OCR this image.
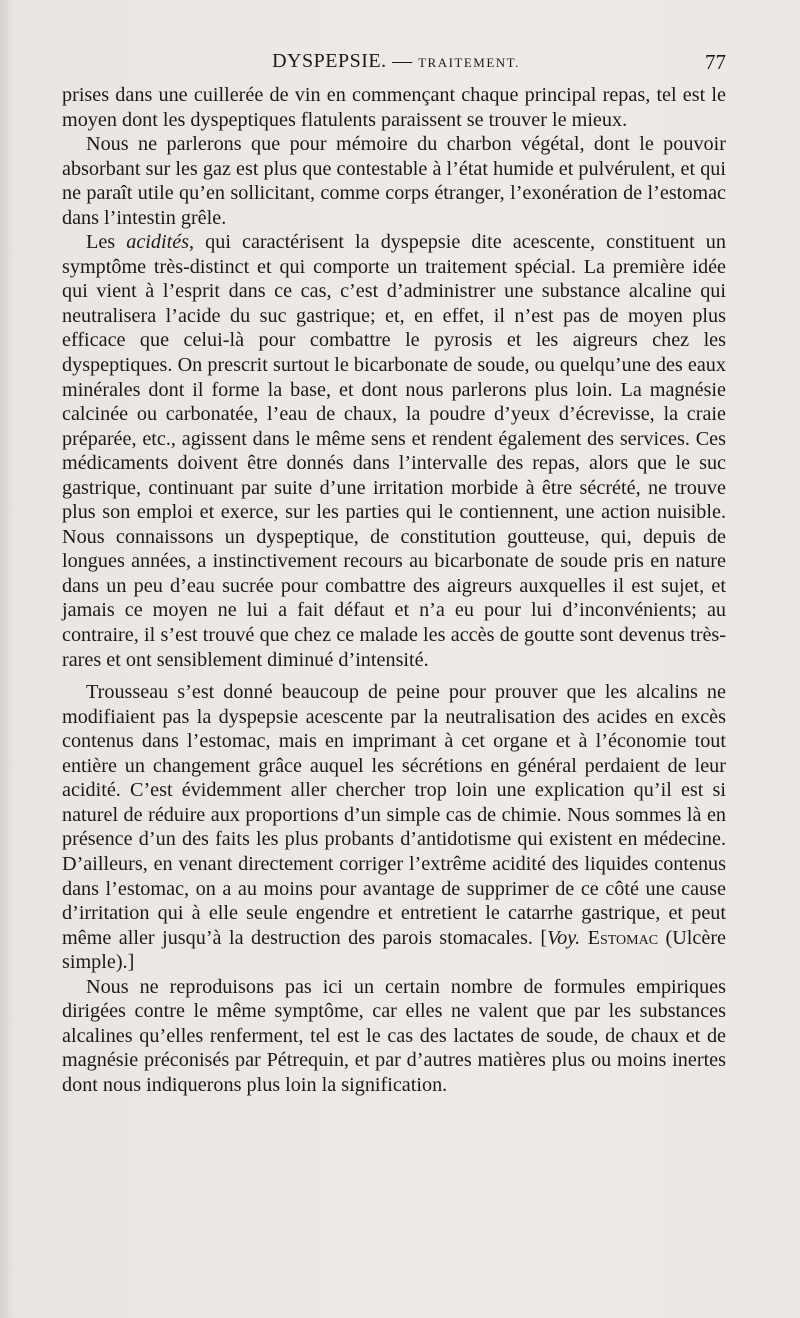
DYSPEPSIE. — TRAITEMENT.	77

prises dans une cuillerée de vin en commençant chaque principal repas, tel est le moyen dont les dyspeptiques flatulents paraissent se trouver le mieux.

Nous ne parlerons que pour mémoire du charbon végétal, dont le pouvoir absorbant sur les gaz est plus que contestable à l’état humide et pulvérulent, et qui ne paraît utile qu’en sollicitant, comme corps étranger, l’exonération de l’estomac dans l’intestin grêle.

Les acidités, qui caractérisent la dyspepsie dite acescente, constituent un symptôme très-distinct et qui comporte un traitement spécial. La première idée qui vient à l’esprit dans ce cas, c’est d’administrer une substance alcaline qui neutralisera l’acide du suc gastrique; et, en effet, il n’est pas de moyen plus efficace que celui-là pour combattre le pyrosis et les aigreurs chez les dyspeptiques. On prescrit surtout le bicarbonate de soude, ou quelqu’une des eaux minérales dont il forme la base, et dont nous parlerons plus loin. La magnésie calcinée ou carbonatée, l’eau de chaux, la poudre d’yeux d’écrevisse, la craie préparée, etc., agissent dans le même sens et rendent également des services. Ces médicaments doivent être donnés dans l’intervalle des repas, alors que le suc gastrique, continuant par suite d’une irritation morbide à être sécrété, ne trouve plus son emploi et exerce, sur les parties qui le contiennent, une action nuisible. Nous connaissons un dyspeptique, de constitution goutteuse, qui, depuis de longues années, a instinctivement recours au bicarbonate de soude pris en nature dans un peu d’eau sucrée pour combattre des aigreurs auxquelles il est sujet, et jamais ce moyen ne lui a fait défaut et n’a eu pour lui d’inconvénients; au contraire, il s’est trouvé que chez ce malade les accès de goutte sont devenus très-rares et ont sensiblement diminué d’intensité.

Trousseau s’est donné beaucoup de peine pour prouver que les alcalins ne modifiaient pas la dyspepsie acescente par la neutralisation des acides en excès contenus dans l’estomac, mais en imprimant à cet organe et à l’économie tout entière un changement grâce auquel les sécrétions en général perdaient de leur acidité. C’est évidemment aller chercher trop loin une explication qu’il est si naturel de réduire aux proportions d’un simple cas de chimie. Nous sommes là en présence d’un des faits les plus probants d’antidotisme qui existent en médecine. D’ailleurs, en venant directement corriger l’extrême acidité des liquides contenus dans l’estomac, on a au moins pour avantage de supprimer de ce côté une cause d’irritation qui à elle seule engendre et entretient le catarrhe gastrique, et peut même aller jusqu’à la destruction des parois stomacales. [Voy. Estomac (Ulcère simple).]

Nous ne reproduisons pas ici un certain nombre de formules empiriques dirigées contre le même symptôme, car elles ne valent que par les substances alcalines qu’elles renferment, tel est le cas des lactates de soude, de chaux et de magnésie préconisés par Pétrequin, et par d’autres matières plus ou moins inertes dont nous indiquerons plus loin la signification.
